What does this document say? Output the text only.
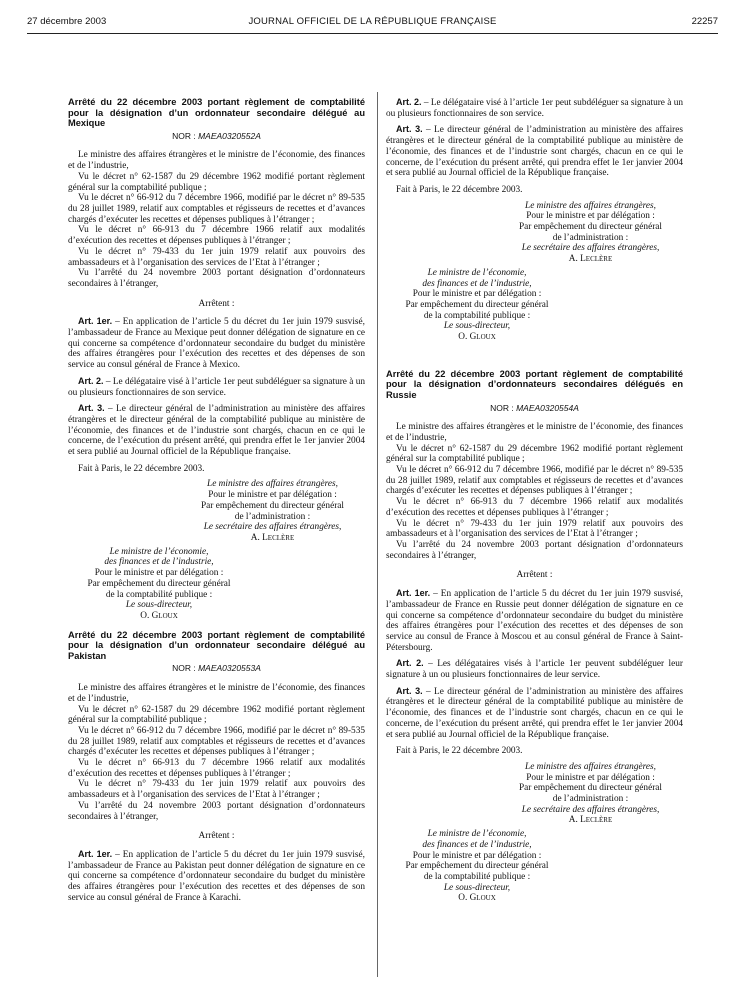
27 décembre 2003	JOURNAL OFFICIEL DE LA RÉPUBLIQUE FRANÇAISE	22257
Arrêté du 22 décembre 2003 portant règlement de comptabilité pour la désignation d’un ordonnateur secondaire délégué au Mexique
NOR : MAEA0320552A

Le ministre des affaires étrangères et le ministre de l’économie, des finances et de l’industrie,

Vu le décret n° 62-1587 du 29 décembre 1962 modifié portant règlement général sur la comptabilité publique ;

Vu le décret n° 66-912 du 7 décembre 1966, modifié par le décret n° 89-535 du 28 juillet 1989, relatif aux comptables et régisseurs de recettes et d’avances chargés d’exécuter les recettes et dépenses publiques à l’étranger ;

Vu le décret n° 66-913 du 7 décembre 1966 relatif aux modalités d’exécution des recettes et dépenses publiques à l’étranger ;

Vu le décret n° 79-433 du 1er juin 1979 relatif aux pouvoirs des ambassadeurs et à l’organisation des services de l’Etat à l’étranger ;

Vu l’arrêté du 24 novembre 2003 portant désignation d’ordonnateurs secondaires à l’étranger,

Arrêtent :

Art. 1er. – En application de l’article 5 du décret du 1er juin 1979 susvisé, l’ambassadeur de France au Mexique peut donner délégation de signature en ce qui concerne sa compétence d’ordonnateur secondaire du budget du ministère des affaires étrangères pour l’exécution des recettes et des dépenses de son service au consul général de France à Mexico.

Art. 2. – Le délégataire visé à l’article 1er peut subdéléguer sa signature à un ou plusieurs fonctionnaires de son service.

Art. 3. – Le directeur général de l’administration au ministère des affaires étrangères et le directeur général de la comptabilité publique au ministère de l’économie, des finances et de l’industrie sont chargés, chacun en ce qui le concerne, de l’exécution du présent arrêté, qui prendra effet le 1er janvier 2004 et sera publié au Journal officiel de la République française.

Fait à Paris, le 22 décembre 2003.
Le ministre des affaires étrangères,
Pour le ministre et par délégation :
Par empêchement du directeur général
de l’administration :
Le secrétaire des affaires étrangères,
A. Leclère
Le ministre de l’économie,
des finances et de l’industrie,
Pour le ministre et par délégation :
Par empêchement du directeur général
de la comptabilité publique :
Le sous-directeur,
O. Gloux
Arrêté du 22 décembre 2003 portant règlement de comptabilité pour la désignation d’un ordonnateur secondaire délégué au Pakistan
NOR : MAEA0320553A

Le ministre des affaires étrangères et le ministre de l’économie, des finances et de l’industrie,

Vu le décret n° 62-1587 du 29 décembre 1962 modifié portant règlement général sur la comptabilité publique ;

Vu le décret n° 66-912 du 7 décembre 1966, modifié par le décret n° 89-535 du 28 juillet 1989, relatif aux comptables et régisseurs de recettes et d’avances chargés d’exécuter les recettes et dépenses publiques à l’étranger ;

Vu le décret n° 66-913 du 7 décembre 1966 relatif aux modalités d’exécution des recettes et dépenses publiques à l’étranger ;

Vu le décret n° 79-433 du 1er juin 1979 relatif aux pouvoirs des ambassadeurs et à l’organisation des services de l’Etat à l’étranger ;

Vu l’arrêté du 24 novembre 2003 portant désignation d’ordonnateurs secondaires à l’étranger,

Arrêtent :

Art. 1er. – En application de l’article 5 du décret du 1er juin 1979 susvisé, l’ambassadeur de France au Pakistan peut donner délégation de signature en ce qui concerne sa compétence d’ordonnateur secondaire du budget du ministère des affaires étrangères pour l’exécution des recettes et des dépenses de son service au consul général de France à Karachi.

Art. 2. – Le délégataire visé à l’article 1er peut subdéléguer sa signature à un ou plusieurs fonctionnaires de son service.

Art. 3. – Le directeur général de l’administration au ministère des affaires étrangères et le directeur général de la comptabilité publique au ministère de l’économie, des finances et de l’industrie sont chargés, chacun en ce qui le concerne, de l’exécution du présent arrêté, qui prendra effet le 1er janvier 2004 et sera publié au Journal officiel de la République française.

Fait à Paris, le 22 décembre 2003.
Le ministre des affaires étrangères,
Pour le ministre et par délégation :
Par empêchement du directeur général
de l’administration :
Le secrétaire des affaires étrangères,
A. Leclère
Le ministre de l’économie,
des finances et de l’industrie,
Pour le ministre et par délégation :
Par empêchement du directeur général
de la comptabilité publique :
Le sous-directeur,
O. Gloux
Arrêté du 22 décembre 2003 portant règlement de comptabilité pour la désignation d’ordonnateurs secondaires délégués en Russie
NOR : MAEA0320554A

Le ministre des affaires étrangères et le ministre de l’économie, des finances et de l’industrie,

Vu le décret n° 62-1587 du 29 décembre 1962 modifié portant règlement général sur la comptabilité publique ;

Vu le décret n° 66-912 du 7 décembre 1966, modifié par le décret n° 89-535 du 28 juillet 1989, relatif aux comptables et régisseurs de recettes et d’avances chargés d’exécuter les recettes et dépenses publiques à l’étranger ;

Vu le décret n° 66-913 du 7 décembre 1966 relatif aux modalités d’exécution des recettes et dépenses publiques à l’étranger ;

Vu le décret n° 79-433 du 1er juin 1979 relatif aux pouvoirs des ambassadeurs et à l’organisation des services de l’Etat à l’étranger ;

Vu l’arrêté du 24 novembre 2003 portant désignation d’ordonnateurs secondaires à l’étranger,

Arrêtent :

Art. 1er. – En application de l’article 5 du décret du 1er juin 1979 susvisé, l’ambassadeur de France en Russie peut donner délégation de signature en ce qui concerne sa compétence d’ordonnateur secondaire du budget du ministère des affaires étrangères pour l’exécution des recettes et des dépenses de son service au consul de France à Moscou et au consul général de France à Saint-Pétersbourg.

Art. 2. – Les délégataires visés à l’article 1er peuvent subdéléguer leur signature à un ou plusieurs fonctionnaires de leur service.

Art. 3. – Le directeur général de l’administration au ministère des affaires étrangères et le directeur général de la comptabilité publique au ministère de l’économie, des finances et de l’industrie sont chargés, chacun en ce qui le concerne, de l’exécution du présent arrêté, qui prendra effet le 1er janvier 2004 et sera publié au Journal officiel de la République française.

Fait à Paris, le 22 décembre 2003.
Le ministre des affaires étrangères,
Pour le ministre et par délégation :
Par empêchement du directeur général
de l’administration :
Le secrétaire des affaires étrangères,
A. Leclère
Le ministre de l’économie,
des finances et de l’industrie,
Pour le ministre et par délégation :
Par empêchement du directeur général
de la comptabilité publique :
Le sous-directeur,
O. Gloux
